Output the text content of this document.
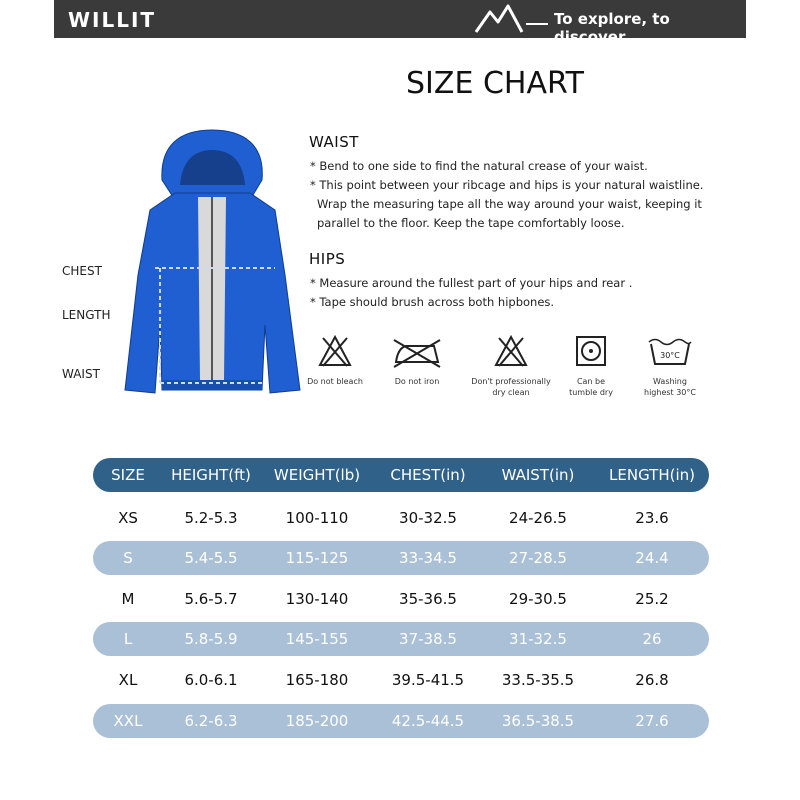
WILLIT	To explore, to discover
SIZE CHART
CHEST
LENGTH
WAIST
WAIST
* Bend to one side to find the natural crease of your waist.
* This point between your ribcage and hips is your natural waistline.
Wrap the measuring tape all the way around your waist, keeping it
parallel to the floor. Keep the tape comfortably loose.
HIPS
* Measure around the fullest part of your hips and rear .
* Tape should brush across both hipbones.
Do not bleach	Do not iron	Don't professionally
dry clean
Can be
tumble dry
30°C
Washing
highest 30°C
SIZE	HEIGHT(ft)	WEIGHT(lb)	CHEST(in)	WAIST(in)	LENGTH(in)
XS	5.2-5.3	100-110	30-32.5	24-26.5	23.6
S	5.4-5.5	115-125	33-34.5	27-28.5	24.4
M	5.6-5.7	130-140	35-36.5	29-30.5	25.2
L	5.8-5.9	145-155	37-38.5	31-32.5	26
XL	6.0-6.1	165-180	39.5-41.5	33.5-35.5	26.8
XXL	6.2-6.3	185-200	42.5-44.5	36.5-38.5	27.6
